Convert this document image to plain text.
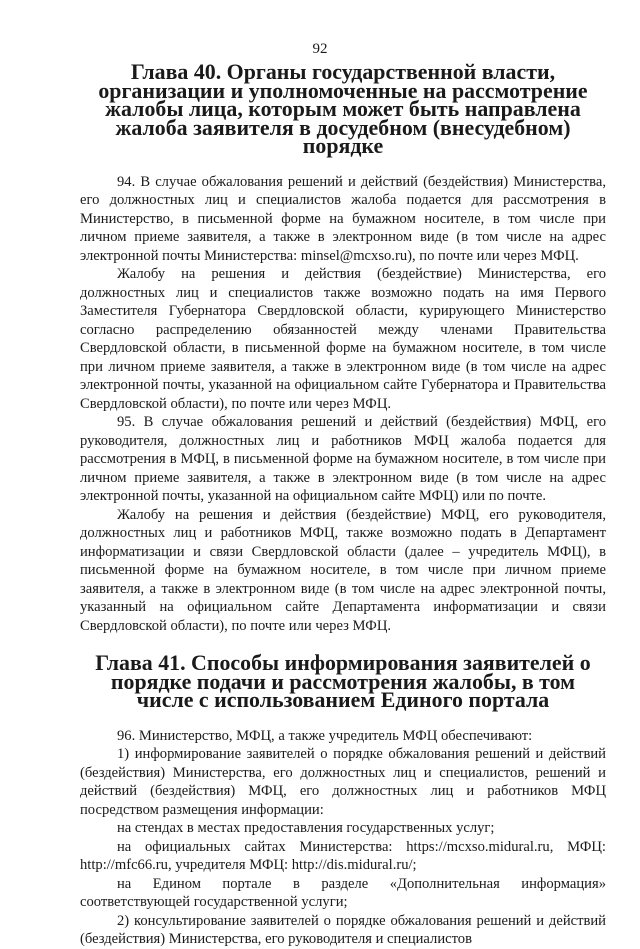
92
Глава 40. Органы государственной власти, организации и уполномоченные на рассмотрение жалобы лица, которым может быть направлена жалоба заявителя в досудебном (внесудебном) порядке

94. В случае обжалования решений и действий (бездействия) Министерства, его должностных лиц и специалистов жалоба подается для рассмотрения в Министерство, в письменной форме на бумажном носителе, в том числе при личном приеме заявителя, а также в электронном виде (в том числе на адрес электронной почты Министерства: minsel@mcxso.ru), по почте или через МФЦ.

Жалобу на решения и действия (бездействие) Министерства, его должностных лиц и специалистов также возможно подать на имя Первого Заместителя Губернатора Свердловской области, курирующего Министерство согласно распределению обязанностей между членами Правительства Свердловской области, в письменной форме на бумажном носителе, в том числе при личном приеме заявителя, а также в электронном виде (в том числе на адрес электронной почты, указанной на официальном сайте Губернатора и Правительства Свердловской области), по почте или через МФЦ.

95. В случае обжалования решений и действий (бездействия) МФЦ, его руководителя, должностных лиц и работников МФЦ жалоба подается для рассмотрения в МФЦ, в письменной форме на бумажном носителе, в том числе при личном приеме заявителя, а также в электронном виде (в том числе на адрес электронной почты, указанной на официальном сайте МФЦ) или по почте.

Жалобу на решения и действия (бездействие) МФЦ, его руководителя, должностных лиц и работников МФЦ, также возможно подать в Департамент информатизации и связи Свердловской области (далее – учредитель МФЦ), в письменной форме на бумажном носителе, в том числе при личном приеме заявителя, а также в электронном виде (в том числе на адрес электронной почты, указанный на официальном сайте Департамента информатизации и связи Свердловской области), по почте или через МФЦ.

Глава 41. Способы информирования заявителей о порядке подачи и рассмотрения жалобы, в том числе с использованием Единого портала

96. Министерство, МФЦ, а также учредитель МФЦ обеспечивают:

1) информирование заявителей о порядке обжалования решений и действий (бездействия) Министерства, его должностных лиц и специалистов, решений и действий (бездействия) МФЦ, его должностных лиц и работников МФЦ посредством размещения информации:

на стендах в местах предоставления государственных услуг;

на официальных сайтах Министерства: https://mcxso.midural.ru, МФЦ: http://mfc66.ru, учредителя МФЦ: http://dis.midural.ru/;

на Едином портале в разделе «Дополнительная информация» соответствующей государственной услуги;

2) консультирование заявителей о порядке обжалования решений и действий (бездействия) Министерства, его руководителя и специалистов
